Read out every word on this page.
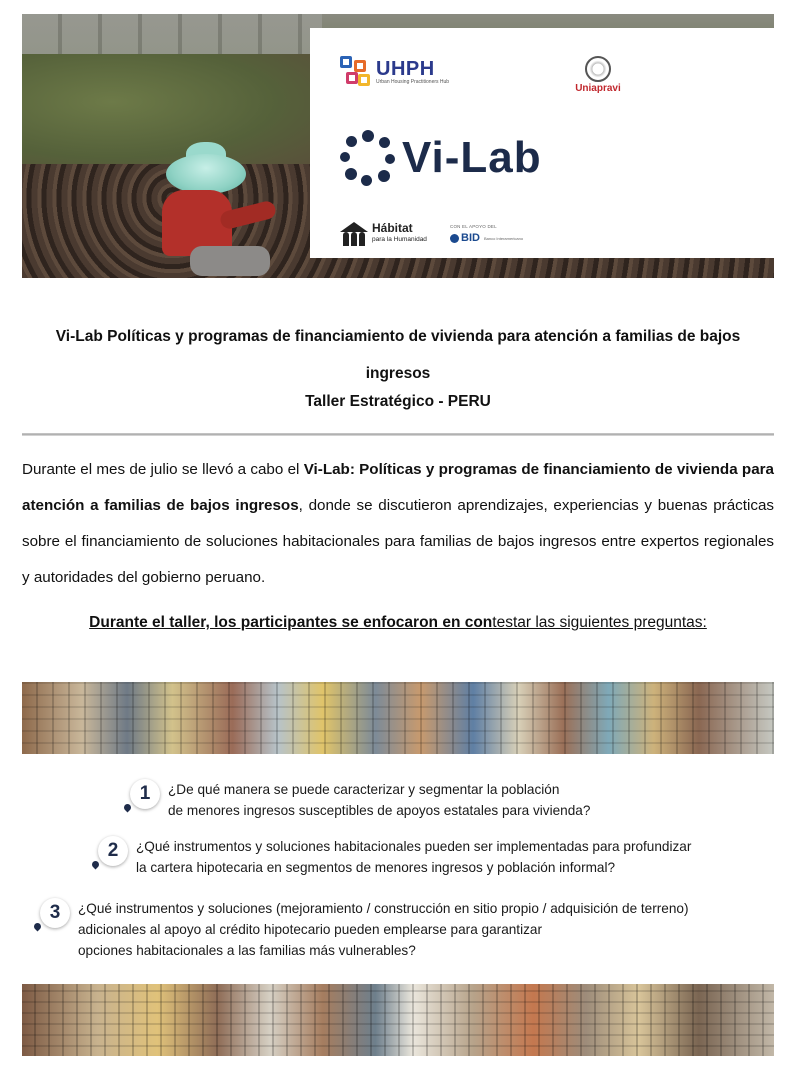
UHPH
Urban Housing Practitioners Hub
Uniapravi
Vi-Lab
Hábitat
para la Humanidad
CON EL APOYO DEL
BID Banco Interamericano
Vi-Lab Políticas y programas de financiamiento de vivienda para atención a familias de bajos
ingresos
Taller Estratégico - PERU

Durante el mes de julio se llevó a cabo el Vi-Lab: Políticas y programas de financiamiento de vivienda para atención a familias de bajos ingresos, donde se discutieron aprendizajes, experiencias y buenas prácticas sobre el financiamiento de soluciones habitacionales para familias de bajos ingresos entre expertos regionales y autoridades del gobierno peruano.

Durante el taller, los participantes se enfocaron en contestar las siguientes preguntas:

1 ¿De qué manera se puede caracterizar y segmentar la población
de menores ingresos susceptibles de apoyos estatales para vivienda?
2 ¿Qué instrumentos y soluciones habitacionales pueden ser implementadas para profundizar
la cartera hipotecaria en segmentos de menores ingresos y población informal?
3 ¿Qué instrumentos y soluciones (mejoramiento / construcción en sitio propio / adquisición de terreno)
adicionales al apoyo al crédito hipotecario pueden emplearse para garantizar
opciones habitacionales a las familias más vulnerables?
